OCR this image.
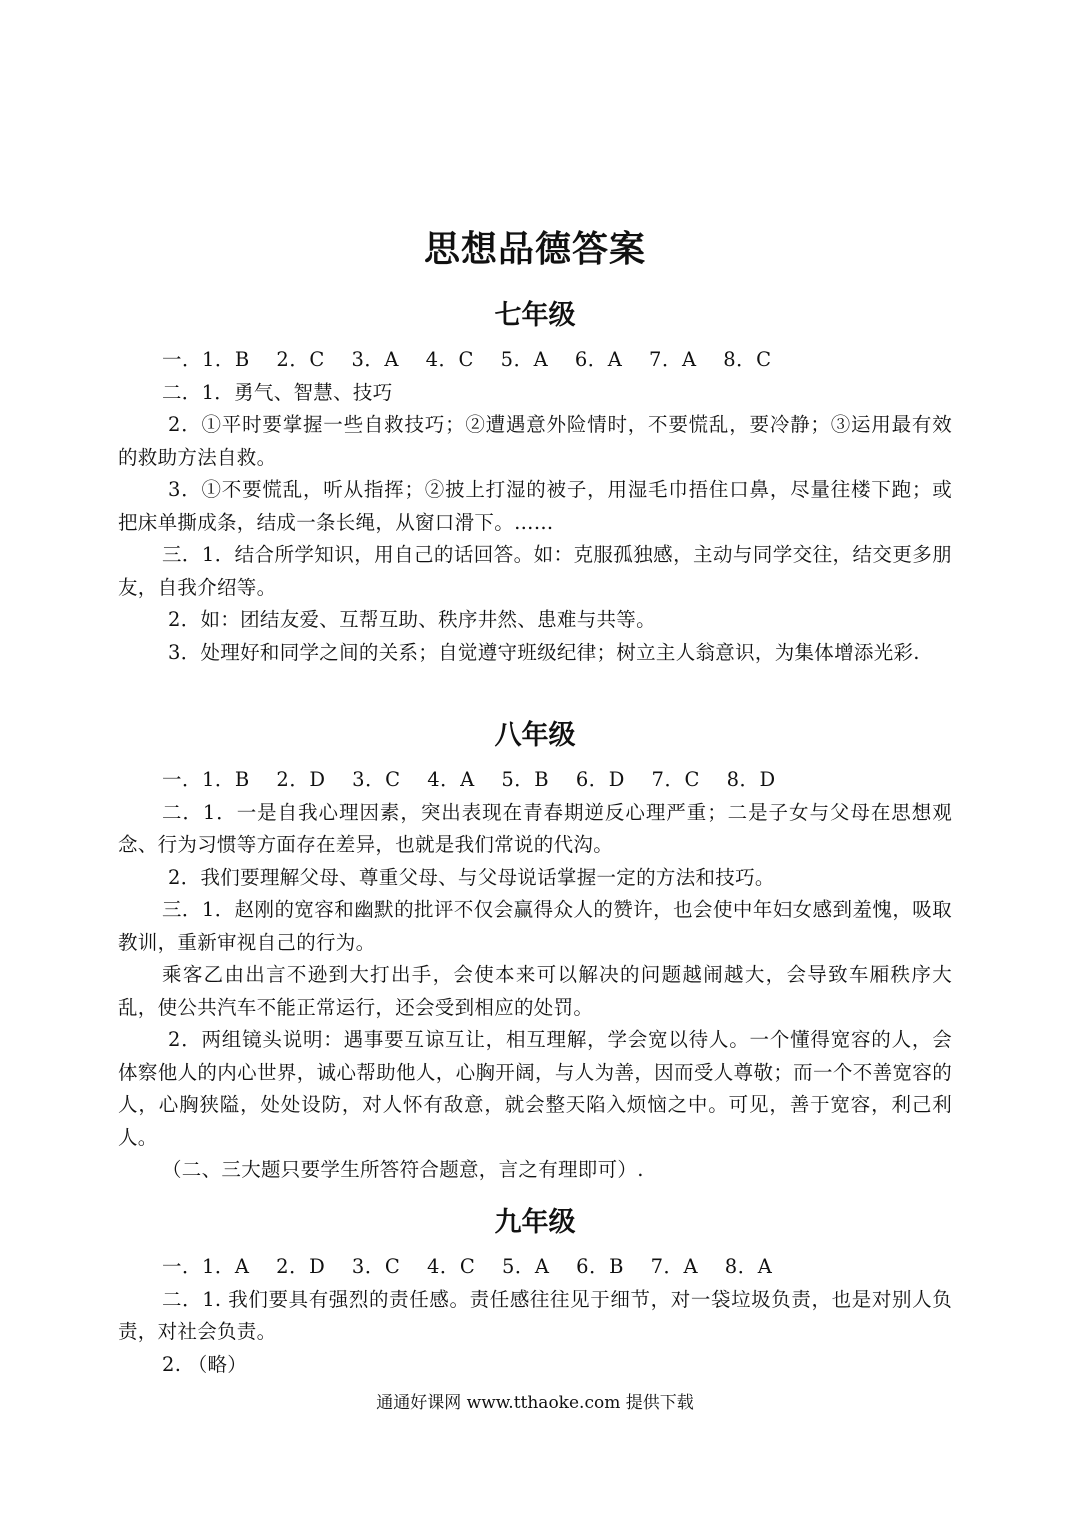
思想品德答案
七年级

一．1．B　 2．C　 3．A　 4．C　 5．A　 6．A　 7．A　 8．C

二．1．勇气、智慧、技巧

2．①平时要掌握一些自救技巧；②遭遇意外险情时，不要慌乱，要冷静；③运用最有效的救助方法自救。

3．①不要慌乱，听从指挥；②披上打湿的被子，用湿毛巾捂住口鼻，尽量往楼下跑；或把床单撕成条，结成一条长绳，从窗口滑下。……

三．1．结合所学知识，用自己的话回答。如：克服孤独感，主动与同学交往，结交更多朋友，自我介绍等。

2．如：团结友爱、互帮互助、秩序井然、患难与共等。

3．处理好和同学之间的关系；自觉遵守班级纪律；树立主人翁意识，为集体增添光彩.

八年级

一．1．B　 2．D　 3．C　 4．A　 5．B　 6．D　 7．C　 8．D

二．1．一是自我心理因素，突出表现在青春期逆反心理严重；二是子女与父母在思想观念、行为习惯等方面存在差异，也就是我们常说的代沟。

2．我们要理解父母、尊重父母、与父母说话掌握一定的方法和技巧。

三．1．赵刚的宽容和幽默的批评不仅会赢得众人的赞许，也会使中年妇女感到羞愧，吸取教训，重新审视自己的行为。

乘客乙由出言不逊到大打出手，会使本来可以解决的问题越闹越大，会导致车厢秩序大乱，使公共汽车不能正常运行，还会受到相应的处罚。

2．两组镜头说明：遇事要互谅互让，相互理解，学会宽以待人。一个懂得宽容的人，会体察他人的内心世界，诚心帮助他人，心胸开阔，与人为善，因而受人尊敬；而一个不善宽容的人，心胸狭隘，处处设防，对人怀有敌意，就会整天陷入烦恼之中。可见，善于宽容，利己利人。

（二、三大题只要学生所答符合题意，言之有理即可）.

九年级

一．1．A　 2．D　 3．C　 4．C　 5．A　 6．B　 7．A　 8．A

二．1. 我们要具有强烈的责任感。责任感往往见于细节，对一袋垃圾负责，也是对别人负责，对社会负责。

2. （略）

通通好课网 www.tthaoke.com 提供下载
